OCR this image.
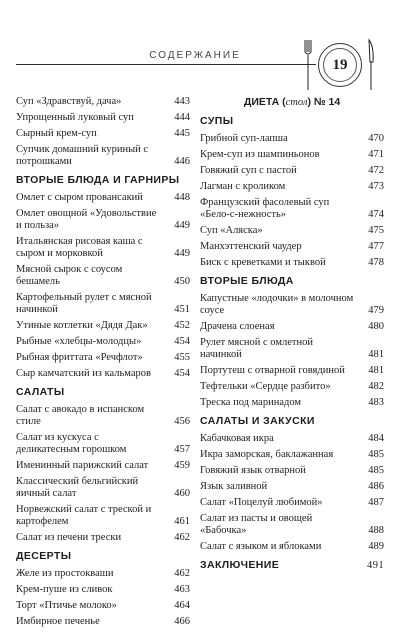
СОДЕРЖАНИЕ
19
Суп «Здравствуй, дача»	443
Упрощенный луковый суп	444
Сырный крем-суп	445
Супчик домашний куриный с потрошками	446
ВТОРЫЕ БЛЮДА И ГАРНИРЫ
Омлет с сыром провансакий	448
Омлет овощной «Удовольствие и польза»	449
Итальянская рисовая каша с сыром и морковкой	449
Мясной сырок с соусом бешамель	450
Картофельный рулет с мясной начинкой	451
Утиные котлетки «Дядя Дак»	452
Рыбные «хлебцы-молодцы»	454
Рыбная фриттата «Речфлот»	455
Сыр камчатский из кальмаров	454
САЛАТЫ
Салат с авокадо в испанском стиле	456
Салат из кускуса с деликатесным горошком	457
Именинный парижский салат	459
Классический бельгийский яичный салат	460
Норвежский салат с треской и картофелем	461
Салат из печени трески	462
ДЕСЕРТЫ
Желе из простокваши	462
Крем-пуше из сливок	463
Торт «Птичье молоко»	464
Имбирное печенье	466
ДИЕТА (стол) № 14
СУПЫ
Грибной суп-лапша	470
Крем-суп из шампиньонов	471
Говяжий суп с пастой	472
Лагман с кроликом	473
Французский фасолевый суп «Бело-с-нежность»	474
Суп «Аляска»	475
Манхэттенский чаудер	477
Биск с креветками и тыквой	478
ВТОРЫЕ БЛЮДА
Капустные «лодочки» в молочном соусе	479
Драчена слоеная	480
Рулет мясной с омлетной начинкой	481
Портутеш с отварной говядиной	481
Тефтельки «Сердце разбито»	482
Треска под маринадом	483
САЛАТЫ И ЗАКУСКИ
Кабачковая икра	484
Икра заморская, баклажанная	485
Говяжий язык отварной	485
Язык заливной	486
Салат «Поцелуй любимой»	487
Салат из пасты и овощей «Бабочка»	488
Салат с языком и яблоками	489
ЗАКЛЮЧЕНИЕ	491
